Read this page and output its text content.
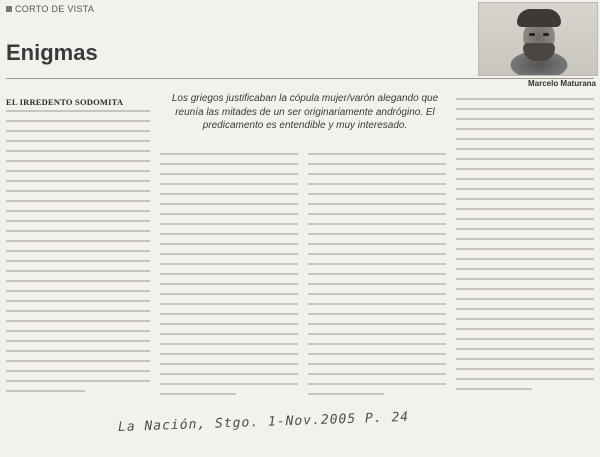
CORTO DE VISTA
Enigmas
Marcelo Maturana
EL IRREDENTO SODOMITA	Los griegos justificaban la cópula mujer/varón alegando que reunía las mitades de un ser originariamente andrógino. El predicamento es entendible y muy interesado.
La Nación, Stgo. 1-Nov.2005 P. 24
